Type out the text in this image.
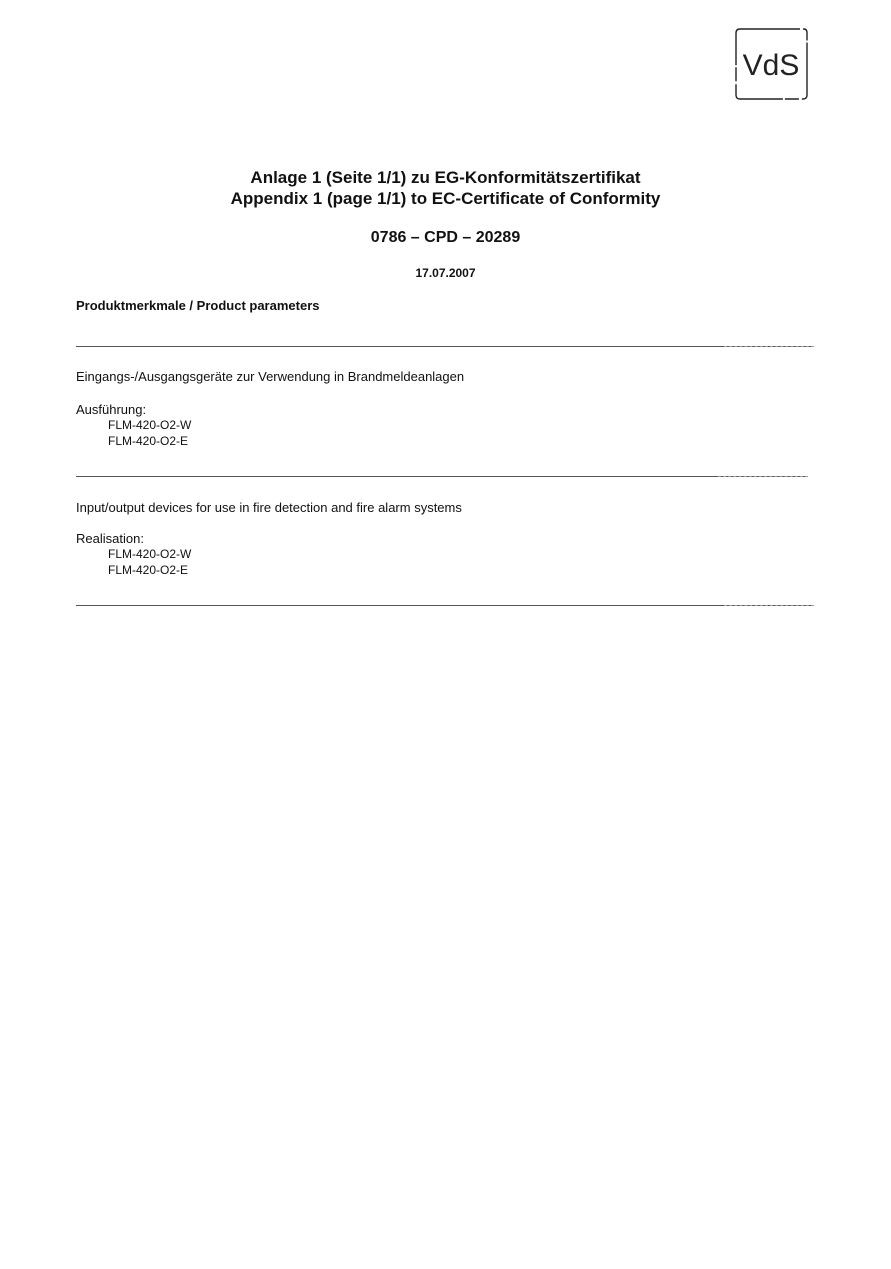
VdS
Anlage 1 (Seite 1/1) zu EG-Konformitätszertifikat
Appendix 1 (page 1/1) to EC-Certificate of Conformity
0786 – CPD – 20289
17.07.2007

Produktmerkmale / Product parameters

Eingangs-/Ausgangsgeräte zur Verwendung in Brandmeldeanlagen

Ausführung:

FLM-420-O2-W

FLM-420-O2-E

Input/output devices for use in fire detection and fire alarm systems

Realisation:

FLM-420-O2-W

FLM-420-O2-E
